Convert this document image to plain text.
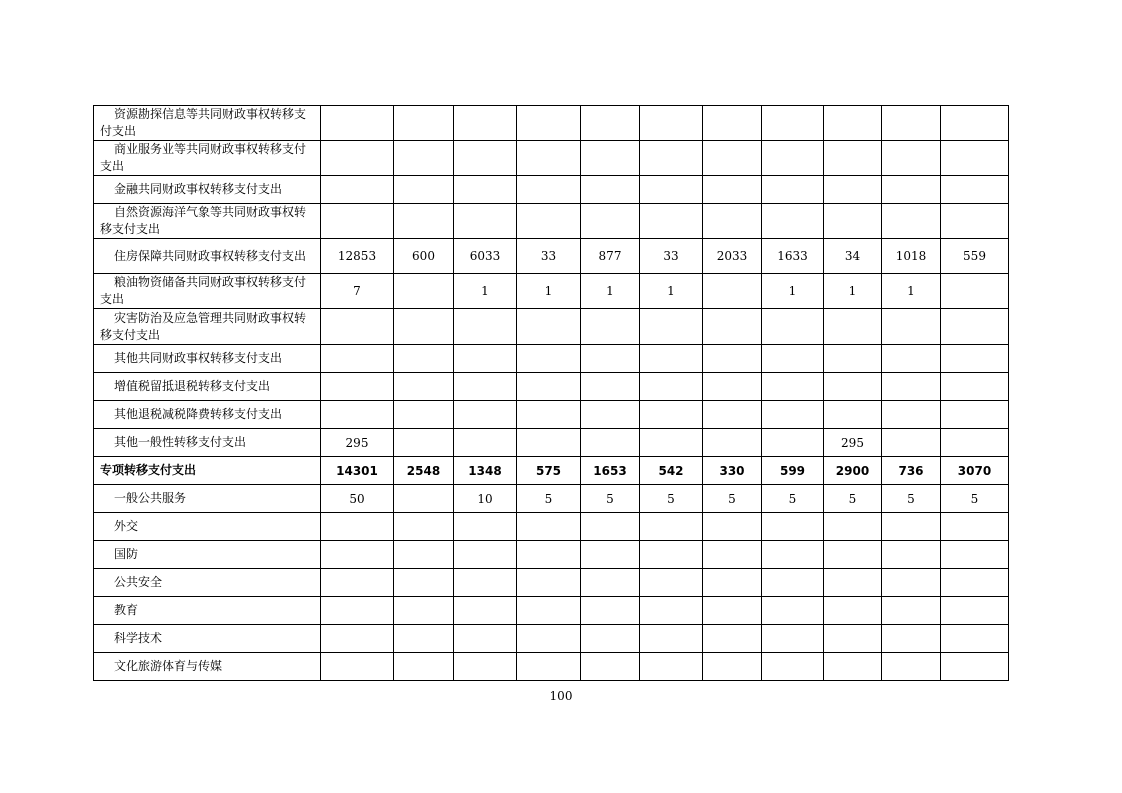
资源勘探信息等共同财政事权转移支付支出											
商业服务业等共同财政事权转移支付支出											
金融共同财政事权转移支付支出											
自然资源海洋气象等共同财政事权转移支付支出											
住房保障共同财政事权转移支付支出	12853	600	6033	33	877	33	2033	1633	34	1018	559
粮油物资储备共同财政事权转移支付支出	7		1	1	1	1		1	1	1	
灾害防治及应急管理共同财政事权转移支付支出											
其他共同财政事权转移支付支出											
增值税留抵退税转移支付支出											
其他退税减税降费转移支付支出											
其他一般性转移支付支出	295								295		
专项转移支付支出	14301	2548	1348	575	1653	542	330	599	2900	736	3070
一般公共服务	50		10	5	5	5	5	5	5	5	5
外交											
国防											
公共安全											
教育											
科学技术											
文化旅游体育与传媒											
100
